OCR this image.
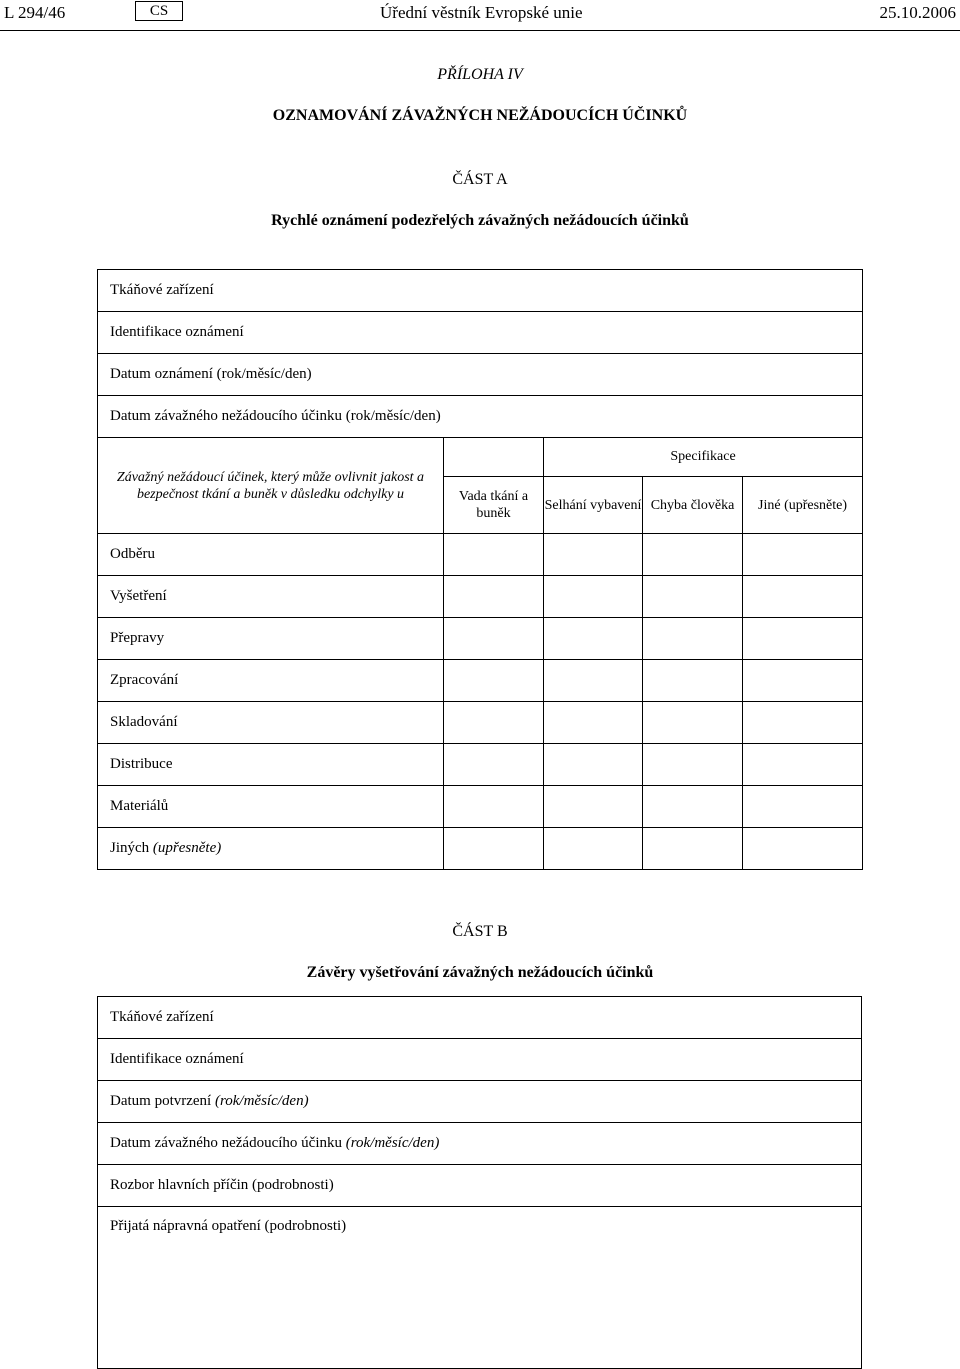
L 294/46	CS	Úřední věstník Evropské unie	25.10.2006
PŘÍLOHA IV
OZNAMOVÁNÍ ZÁVAŽNÝCH NEŽÁDOUCÍCH ÚČINKŮ
ČÁST A
Rychlé oznámení podezřelých závažných nežádoucích účinků
Tkáňové zařízení				
Identifikace oznámení				
Datum oznámení (rok/měsíc/den)				
Datum závažného nežádoucího účinku (rok/měsíc/den)				
Závažný nežádoucí účinek, který může ovlivnit jakost a bezpečnost tkání a buněk v důsledku odchylky u		Specifikace		
	Vada tkání a buněk	Selhání vybavení	Chyba člověka	Jiné (upřesněte)
Odběru				
Vyšetření				
Přepravy				
Zpracování				
Skladování				
Distribuce				
Materiálů				
Jiných (upřesněte)				
ČÁST B
Závěry vyšetřování závažných nežádoucích účinků
Tkáňové zařízení
Identifikace oznámení
Datum potvrzení (rok/měsíc/den)
Datum závažného nežádoucího účinku (rok/měsíc/den)
Rozbor hlavních příčin (podrobnosti)
Přijatá nápravná opatření (podrobnosti)
